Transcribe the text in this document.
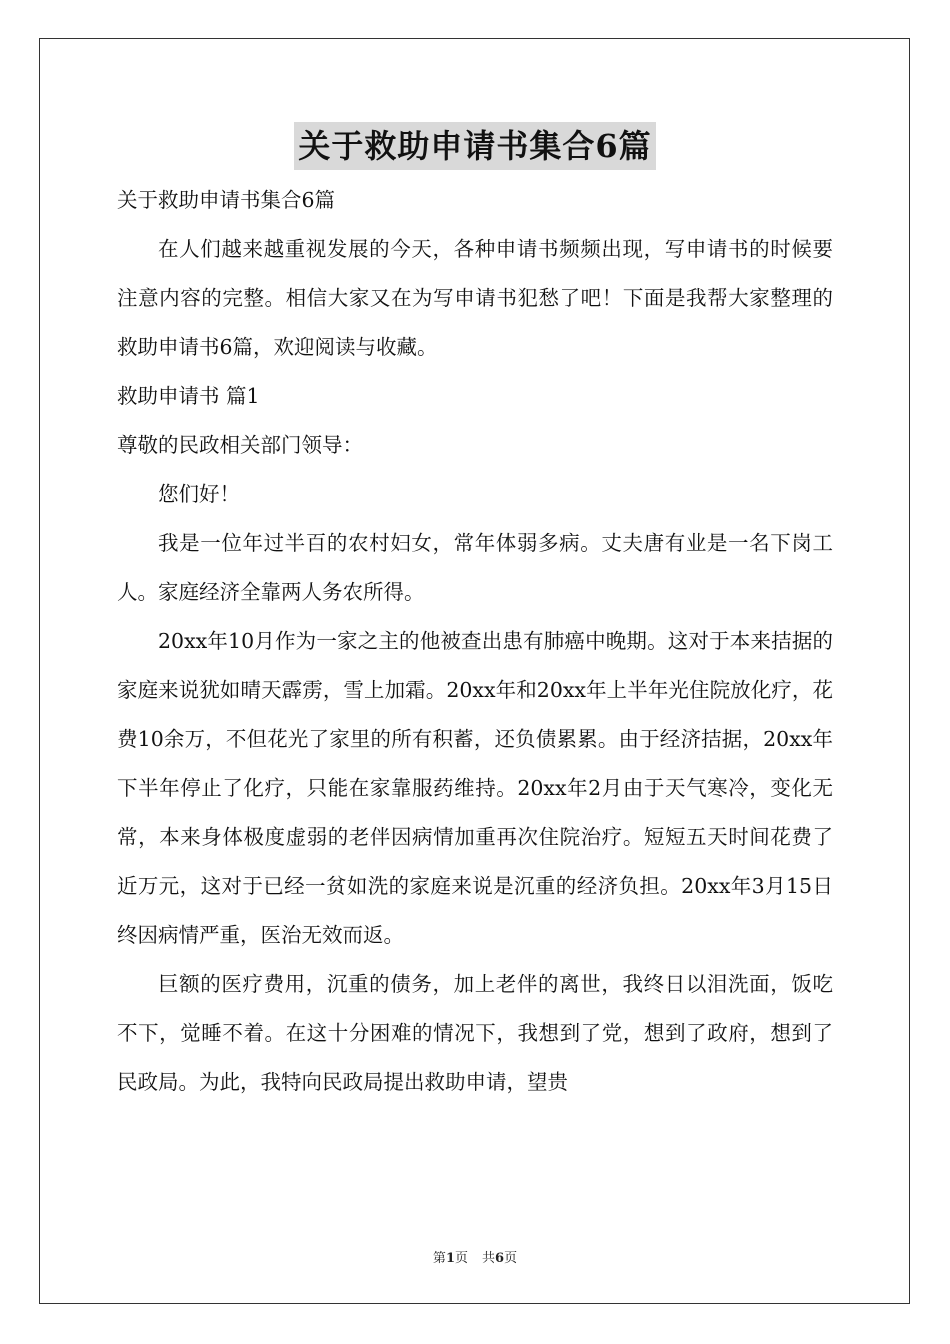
关于救助申请书集合6篇

关于救助申请书集合6篇

在人们越来越重视发展的今天，各种申请书频频出现，写申请书的时候要注意内容的完整。相信大家又在为写申请书犯愁了吧！下面是我帮大家整理的救助申请书6篇，欢迎阅读与收藏。

救助申请书 篇1

尊敬的民政相关部门领导：

您们好！

我是一位年过半百的农村妇女，常年体弱多病。丈夫唐有业是一名下岗工人。家庭经济全靠两人务农所得。

20xx年10月作为一家之主的他被查出患有肺癌中晚期。这对于本来拮据的家庭来说犹如晴天霹雳，雪上加霜。20xx年和20xx年上半年光住院放化疗，花费10余万，不但花光了家里的所有积蓄，还负债累累。由于经济拮据，20xx年下半年停止了化疗，只能在家靠服药维持。20xx年2月由于天气寒冷，变化无常，本来身体极度虚弱的老伴因病情加重再次住院治疗。短短五天时间花费了近万元，这对于已经一贫如洗的家庭来说是沉重的经济负担。20xx年3月15日终因病情严重，医治无效而返。

巨额的医疗费用，沉重的债务，加上老伴的离世，我终日以泪洗面，饭吃不下，觉睡不着。在这十分困难的情况下，我想到了党，想到了政府，想到了民政局。为此，我特向民政局提出救助申请，望贵

第1页 共6页
